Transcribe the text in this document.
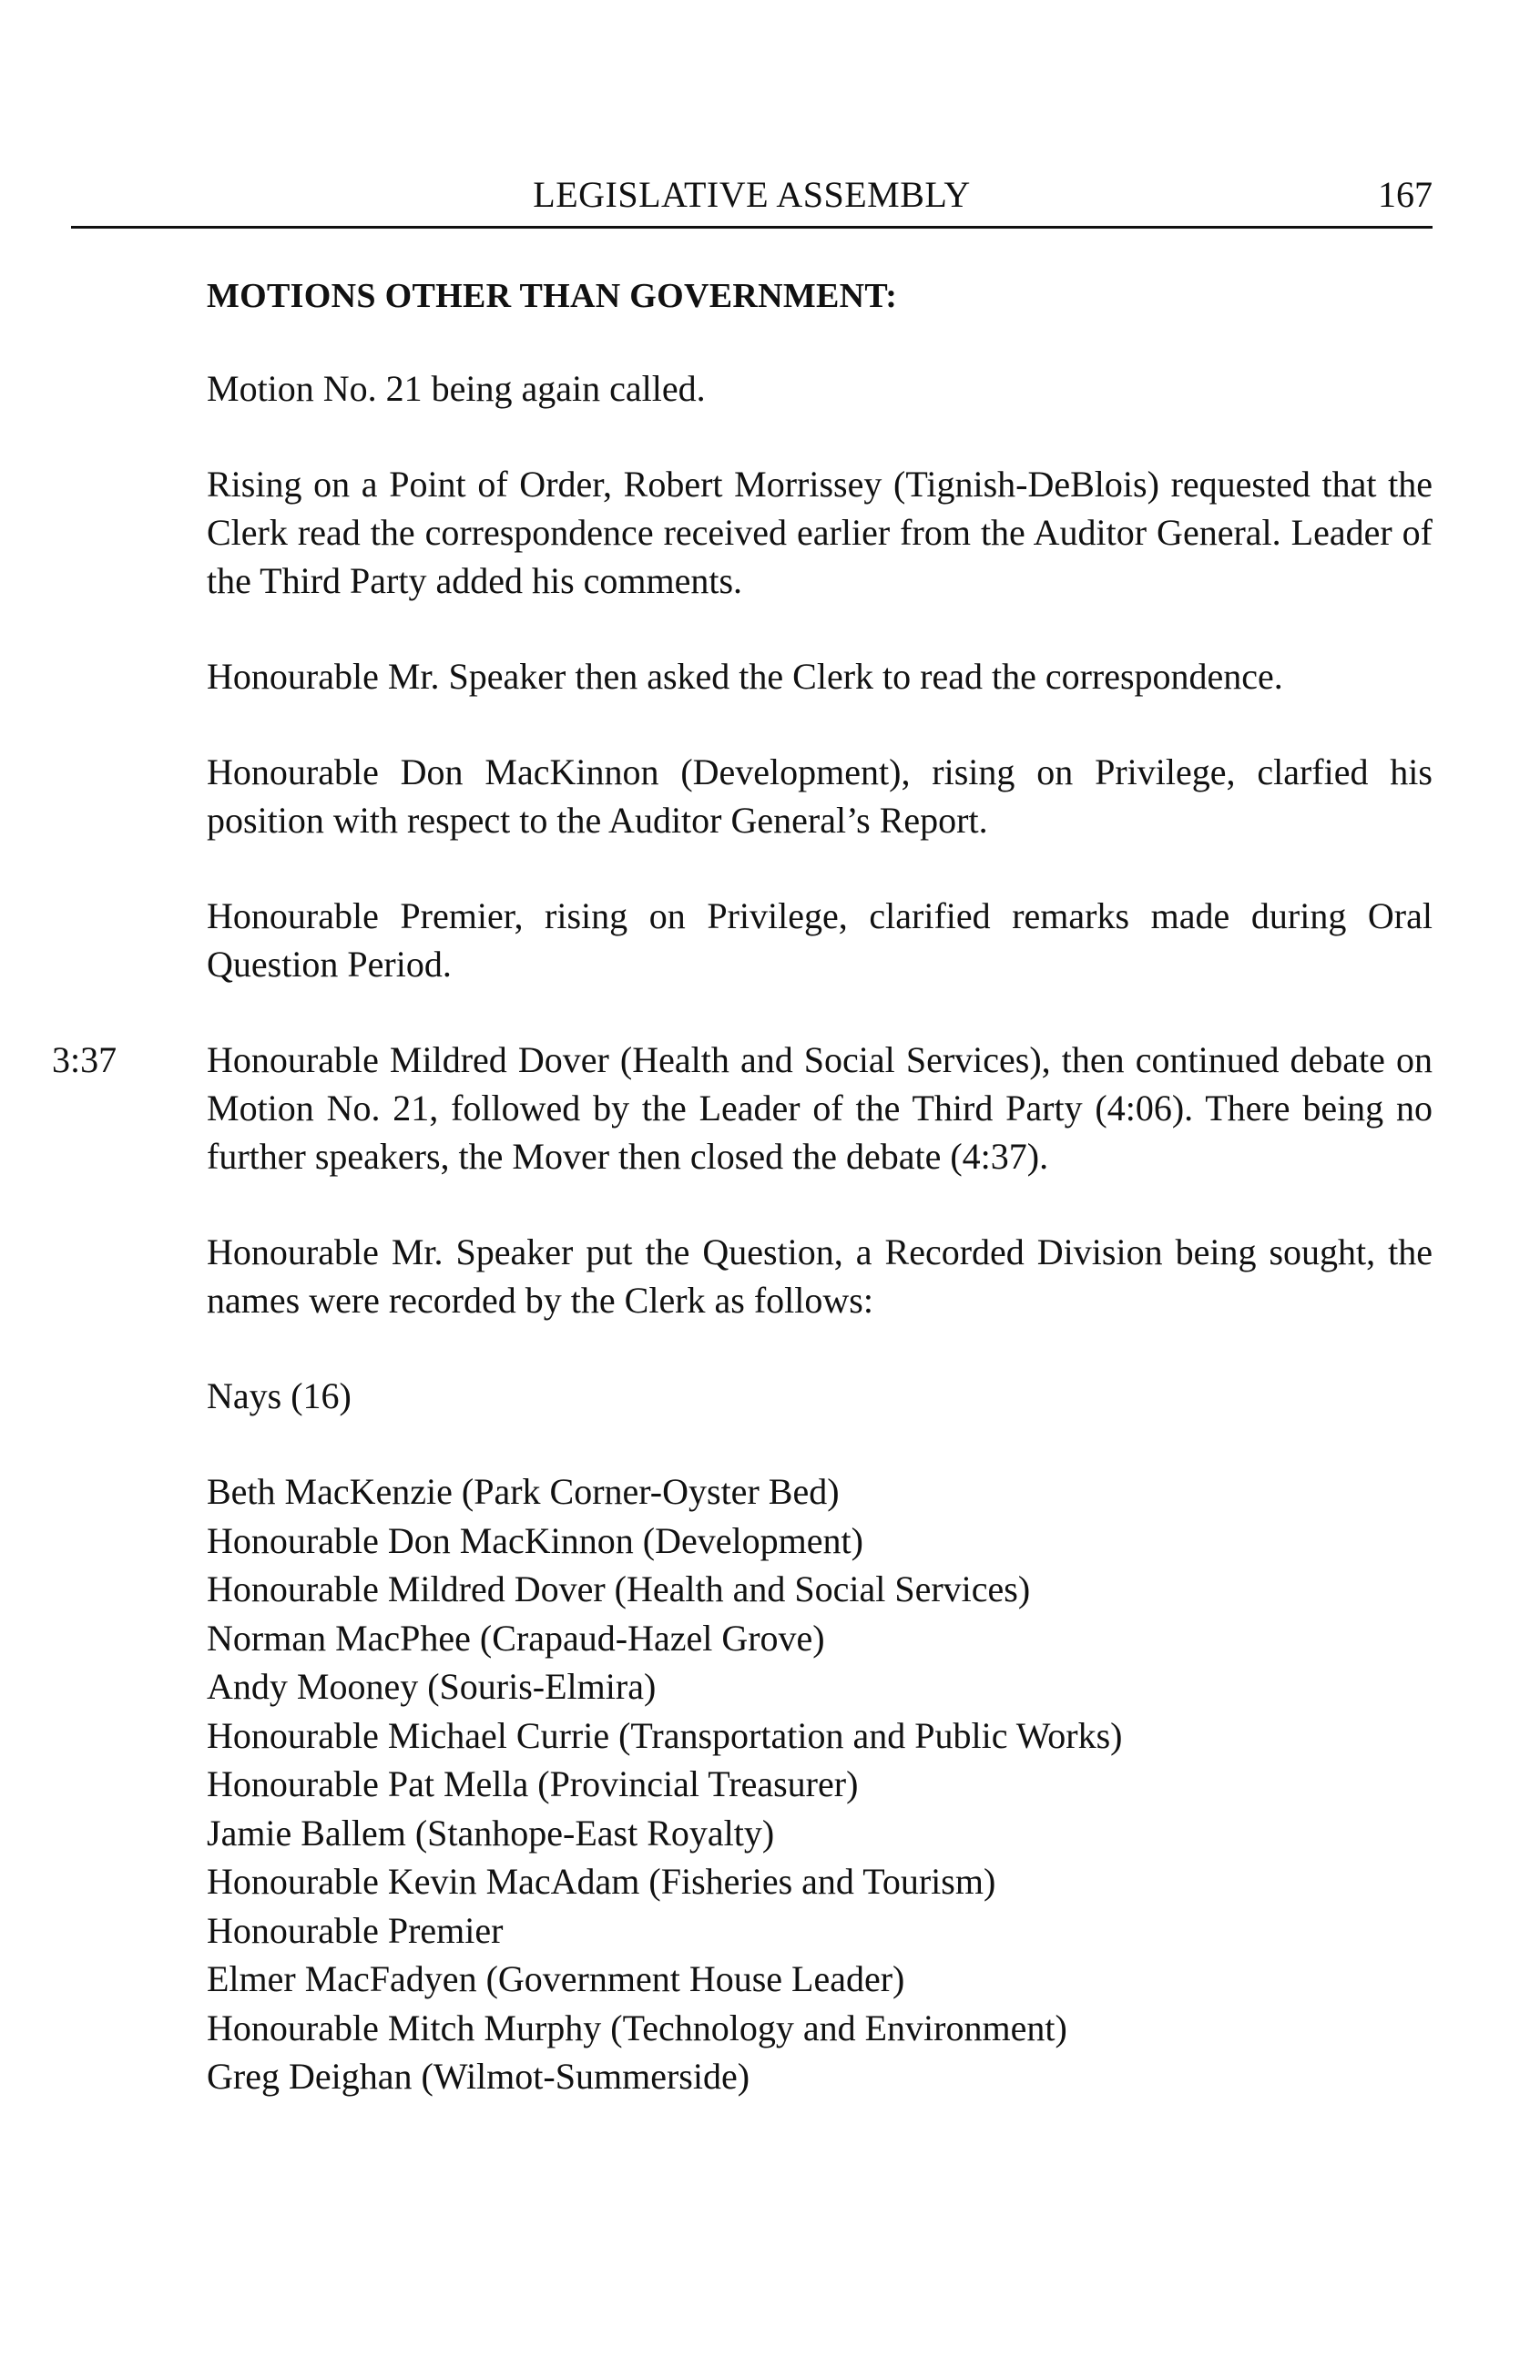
LEGISLATIVE ASSEMBLY	167
MOTIONS OTHER THAN GOVERNMENT:

Motion No. 21 being again called.

Rising on a Point of Order, Robert Morrissey (Tignish-DeBlois) requested that the Clerk read the correspondence received earlier from the Auditor General. Leader of the Third Party added his comments.

Honourable Mr. Speaker then asked the Clerk to read the correspondence.

Honourable Don MacKinnon (Development), rising on Privilege, clarfied his position with respect to the Auditor General’s Report.

Honourable Premier, rising on Privilege, clarified remarks made during Oral Question Period.

3:37 Honourable Mildred Dover (Health and Social Services), then continued debate on Motion No. 21, followed by the Leader of the Third Party (4:06). There being no further speakers, the Mover then closed the debate (4:37).

Honourable Mr. Speaker put the Question, a Recorded Division being sought, the names were recorded by the Clerk as follows:

Nays (16)
Beth MacKenzie (Park Corner-Oyster Bed)
Honourable Don MacKinnon (Development)
Honourable Mildred Dover (Health and Social Services)
Norman MacPhee (Crapaud-Hazel Grove)
Andy Mooney (Souris-Elmira)
Honourable Michael Currie (Transportation and Public Works)
Honourable Pat Mella (Provincial Treasurer)
Jamie Ballem (Stanhope-East Royalty)
Honourable Kevin MacAdam (Fisheries and Tourism)
Honourable Premier
Elmer MacFadyen (Government House Leader)
Honourable Mitch Murphy (Technology and Environment)
Greg Deighan (Wilmot-Summerside)
